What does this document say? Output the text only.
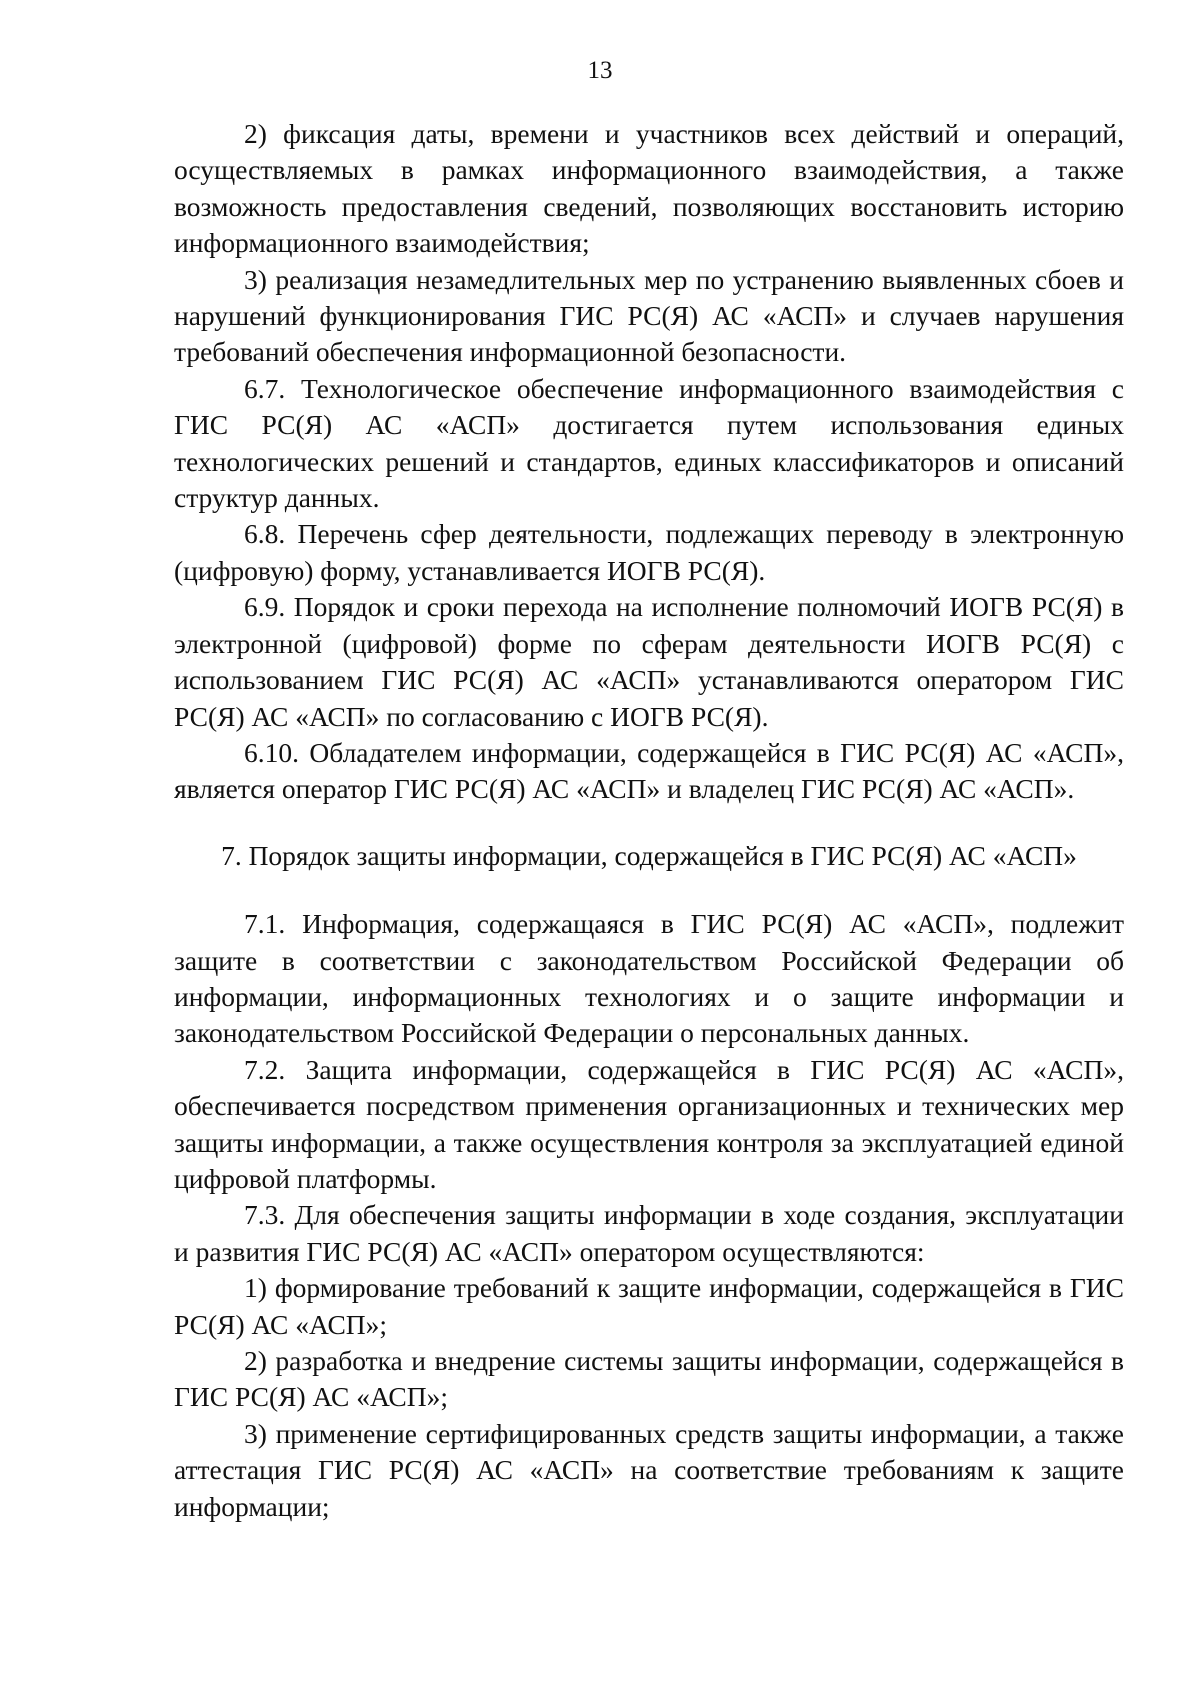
13

2) фиксация даты, времени и участников всех действий и операций, осуществляемых в рамках информационного взаимодействия, а также возможность предоставления сведений, позволяющих восстановить историю информационного взаимодействия;

3) реализация незамедлительных мер по устранению выявленных сбоев и нарушений функционирования ГИС РС(Я) АС «АСП» и случаев нарушения требований обеспечения информационной безопасности.

6.7. Технологическое обеспечение информационного взаимодействия с ГИС РС(Я) АС «АСП» достигается путем использования единых технологических решений и стандартов, единых классификаторов и описаний структур данных.

6.8. Перечень сфер деятельности, подлежащих переводу в электронную (цифровую) форму, устанавливается ИОГВ РС(Я).

6.9. Порядок и сроки перехода на исполнение полномочий ИОГВ РС(Я) в электронной (цифровой) форме по сферам деятельности ИОГВ РС(Я) с использованием ГИС РС(Я) АС «АСП» устанавливаются оператором ГИС РС(Я) АС «АСП» по согласованию с ИОГВ РС(Я).

6.10. Обладателем информации, содержащейся в ГИС РС(Я) АС «АСП», является оператор ГИС РС(Я) АС «АСП» и владелец ГИС РС(Я) АС «АСП».

7. Порядок защиты информации, содержащейся в ГИС РС(Я) АС «АСП»

7.1. Информация, содержащаяся в ГИС РС(Я) АС «АСП», подлежит защите в соответствии с законодательством Российской Федерации об информации, информационных технологиях и о защите информации и законодательством Российской Федерации о персональных данных.

7.2. Защита информации, содержащейся в ГИС РС(Я) АС «АСП», обеспечивается посредством применения организационных и технических мер защиты информации, а также осуществления контроля за эксплуатацией единой цифровой платформы.

7.3. Для обеспечения защиты информации в ходе создания, эксплуатации и развития ГИС РС(Я) АС «АСП» оператором осуществляются:

1) формирование требований к защите информации, содержащейся в ГИС РС(Я) АС «АСП»;

2) разработка и внедрение системы защиты информации, содержащейся в ГИС РС(Я) АС «АСП»;

3) применение сертифицированных средств защиты информации, а также аттестация ГИС РС(Я) АС «АСП» на соответствие требованиям к защите информации;
